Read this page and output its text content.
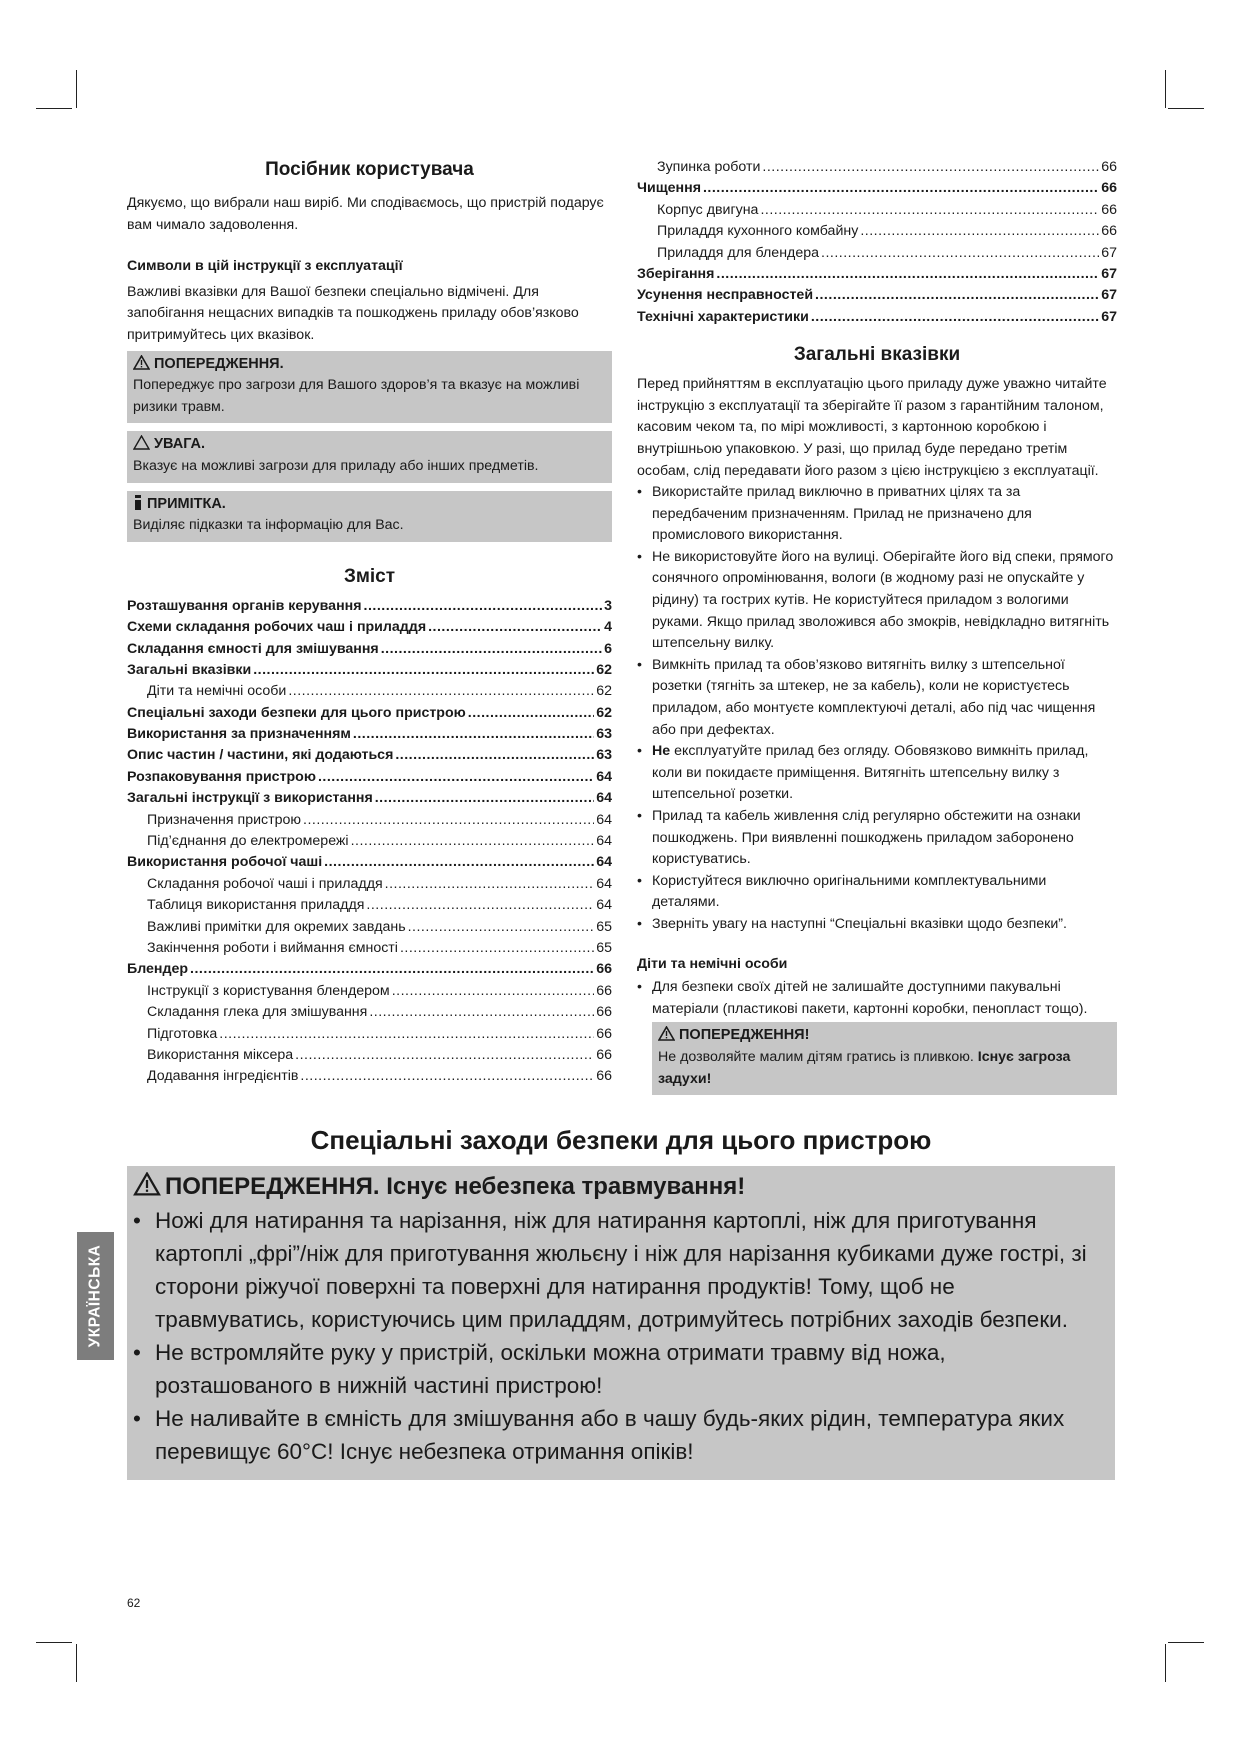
Посібник користувача

Дякуємо, що вибрали наш виріб. Ми сподіваємось, що пристрій подарує вам чимало задоволення.

Символи в цій інструкції з експлуатації

Важливі вказівки для Вашої безпеки спеціально відмічені. Для запобігання нещасних випадків та пошкоджень приладу обов’язково притримуйтесь цих вказівок.

ПОПЕРЕДЖЕННЯ.

Попереджує про загрози для Вашого здоров’я та вказує на можливі ризики травм.

УВАГА.

Вказує на можливі загрози для приладу або інших предметів.

ПРИМІТКА.

Виділяє підказки та інформацію для Вас.

Зміст
Розташування органів керування .....	3
Схеми складання робочих чаш і приладдя .....	4
Складання ємності для змішування .....	6
Загальні вказівки .....	62
Діти та немічні особи .....	62
Спеціальні заходи безпеки для цього пристрою .....	62
Використання за призначенням .....	63
Опис частин / частини, які додаються .....	63
Розпаковування пристрою .....	64
Загальні інструкції з використання .....	64
Призначення пристрою .....	64
Під’єднання до електромережі .....	64
Використання робочої чаші .....	64
Складання робочої чаші і приладдя .....	64
Таблиця використання приладдя .....	64
Важливі примітки для окремих завдань .....	65
Закінчення роботи і виймання ємності .....	65
Блендер .....	66
Інструкції з користування блендером .....	66
Складання глека для змішування .....	66
Підготовка .....	66
Використання міксера .....	66
Додавання інгредієнтів .....	66
Зупинка роботи .....	66
Чищення .....	66
Корпус двигуна .....	66
Приладдя кухонного комбайну .....	66
Приладдя для блендера .....	67
Зберігання .....	67
Усунення несправностей .....	67
Технічні характеристики .....	67
Загальні вказівки

Перед прийняттям в експлуатацію цього приладу дуже уважно читайте інструкцію з експлуатації та зберігайте її разом з гарантійним талоном, касовим чеком та, по мірі можливості, з картонною коробкою і внутрішньою упаковкою. У разі, що прилад буде передано третім особам, слід передавати його разом з цією інструкцією з експлуатації.

• Використайте прилад виключно в приватних цілях та за передбаченим призначенням. Прилад не призначено для промислового використання.
• Не використовуйте його на вулиці. Оберігайте його від спеки, прямого сонячного опромінювання, вологи (в жодному разі не опускайте у рідину) та гострих кутів. Не користуйтеся приладом з вологими руками. Якщо прилад зволожився або змокрів, невідкладно витягніть штепсельну вилку.
• Вимкніть прилад та обов’язково витягніть вилку з штепсельної розетки (тягніть за штекер, не за кабель), коли не користуєтесь приладом, або монтуєте комплектуючі деталі, або під час чищення або при дефектах.
• Не експлуатуйте прилад без огляду. Обовязково вимкніть прилад, коли ви покидаєте приміщення. Витягніть штепсельну вилку з штепсельної розетки.
• Прилад та кабель живлення слід регулярно обстежити на ознаки пошкоджень. При виявленні пошкоджень приладом заборонено користуватись.
• Користуйтеся виключно оригінальними комплектувальними деталями.
• Зверніть увагу на наступні “Спеціальні вказівки щодо безпеки”.
Діти та немічні особи
• Для безпеки своїх дітей не залишайте доступними пакувальні матеріали (пластикові пакети, картонні коробки, пенопласт тощо).
ПОПЕРЕДЖЕННЯ!

Не дозволяйте малим дітям гратись із пливкою. Існує загроза задухи!

Спеціальні заходи безпеки для цього пристрою
ПОПЕРЕДЖЕННЯ. Існує небезпека травмування!
• Ножі для натирання та нарізання, ніж для натирання картоплі, ніж для приготування картоплі „фрі”/ніж для приготування жюльєну і ніж для нарізання кубиками дуже гострі, зі сторони ріжучої поверхні та поверхні для натирання продуктів! Тому, щоб не травмуватись, користуючись цим приладдям, дотримуйтесь потрібних заходів безпеки.
• Не встромляйте руку у пристрій, оскільки можна отримати травму від ножа, розташованого в нижній частині пристрою!
• Не наливайте в ємність для змішування або в чашу будь-яких рідин, температура яких перевищує 60°C! Існує небезпека отримання опіків!
УКРАЇНСЬКА
62
